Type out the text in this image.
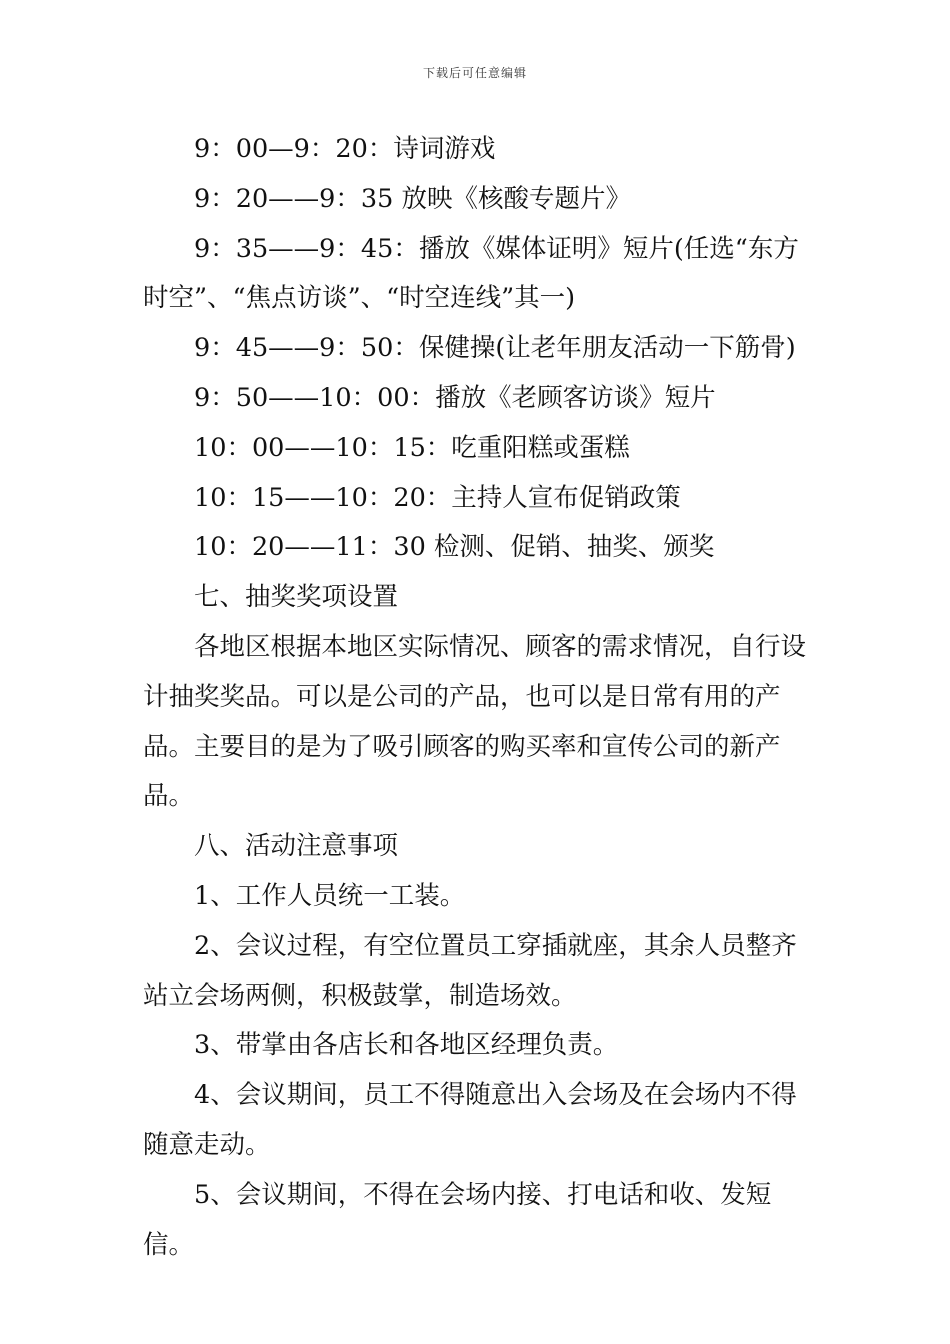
下载后可任意编辑

9：00—9：20：诗词游戏

9：20——9：35 放映《核酸专题片》

9：35——9：45：播放《媒体证明》短片(任选“东方时空”、“焦点访谈”、“时空连线”其一)

9：45——9：50：保健操(让老年朋友活动一下筋骨)

9：50——10：00：播放《老顾客访谈》短片

10：00——10：15：吃重阳糕或蛋糕

10：15——10：20：主持人宣布促销政策

10：20——11：30 检测、促销、抽奖、颁奖

七、抽奖奖项设置

各地区根据本地区实际情况、顾客的需求情况，自行设计抽奖奖品。可以是公司的产品，也可以是日常有用的产品。主要目的是为了吸引顾客的购买率和宣传公司的新产品。

八、活动注意事项

1、工作人员统一工装。

2、会议过程，有空位置员工穿插就座，其余人员整齐站立会场两侧，积极鼓掌，制造场效。

3、带掌由各店长和各地区经理负责。

4、会议期间，员工不得随意出入会场及在会场内不得随意走动。

5、会议期间，不得在会场内接、打电话和收、发短信。
